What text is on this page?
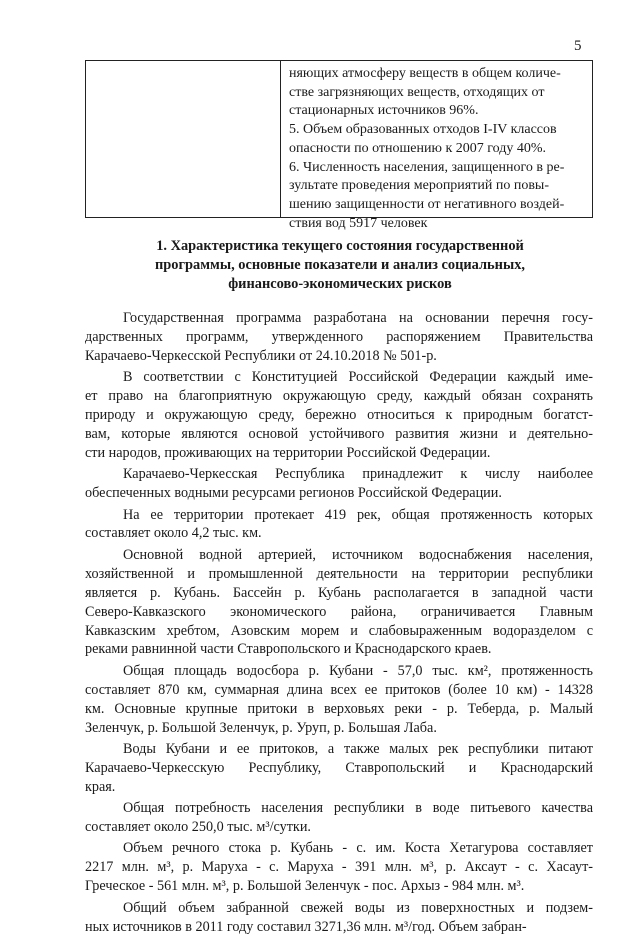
5
няющих атмосферу веществ в общем количе-
стве загрязняющих веществ, отходящих от
стационарных источников 96%.
5. Объем образованных отходов I-IV классов
опасности по отношению к 2007 году 40%.
6. Численность населения, защищенного в ре-
зультате проведения мероприятий по повы-
шению защищенности от негативного воздей-
ствия вод 5917 человек
1. Характеристика текущего состояния государственной
программы, основные показатели и анализ социальных,
финансово-экономических рисков

Государственная программа разработана на основании перечня госу-
дарственных программ, утвержденного распоряжением Правительства
Карачаево-Черкесской Республики от 24.10.2018 № 501-р.

В соответствии с Конституцией Российской Федерации каждый име-
ет право на благоприятную окружающую среду, каждый обязан сохранять
природу и окружающую среду, бережно относиться к природным богатст-
вам, которые являются основой устойчивого развития жизни и деятельно-
сти народов, проживающих на территории Российской Федерации.

Карачаево-Черкесская Республика принадлежит к числу наиболее
обеспеченных водными ресурсами регионов Российской Федерации.

На ее территории протекает 419 рек, общая протяженность которых
составляет около 4,2 тыс. км.

Основной водной артерией, источником водоснабжения населения,
хозяйственной и промышленной деятельности на территории республики
является р. Кубань. Бассейн р. Кубань располагается в западной части
Северо-Кавказского экономического района, ограничивается Главным
Кавказским хребтом, Азовским морем и слабовыраженным водоразделом с
реками равнинной части Ставропольского и Краснодарского краев.

Общая площадь водосбора р. Кубани - 57,0 тыс. км², протяженность
составляет 870 км, суммарная длина всех ее притоков (более 10 км) - 14328
км. Основные крупные притоки в верховьях реки - р. Теберда, р. Малый
Зеленчук, р. Большой Зеленчук, р. Уруп, р. Большая Лаба.

Воды Кубани и ее притоков, а также малых рек республики питают
Карачаево-Черкесскую Республику, Ставропольский и Краснодарский
края.

Общая потребность населения республики в воде питьевого качества
составляет около 250,0 тыс. м³/сутки.

Объем речного стока р. Кубань - с. им. Коста Хетагурова составляет
2217 млн. м³, р. Маруха - с. Маруха - 391 млн. м³, р. Аксаут - с. Хасаут-
Греческое - 561 млн. м³, р. Большой Зеленчук - пос. Архыз - 984 млн. м³.

Общий объем забранной свежей воды из поверхностных и подзем-
ных источников в 2011 году составил 3271,36 млн. м³/год. Объем забран-
